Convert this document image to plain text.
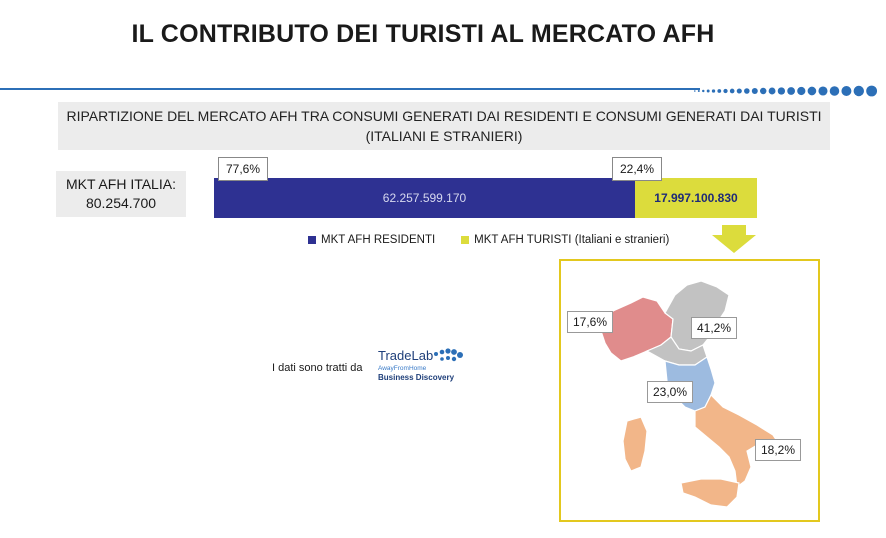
IL CONTRIBUTO DEI TURISTI AL MERCATO AFH
RIPARTIZIONE DEL MERCATO AFH TRA CONSUMI GENERATI DAI RESIDENTI E CONSUMI GENERATI DAI TURISTI
(ITALIANI E STRANIERI)
MKT AFH ITALIA:
80.254.700	62.257.599.170	17.997.100.830
77,6%	22,4%
MKT AFH RESIDENTI	MKT AFH TURISTI (Italiani e stranieri)
I dati sono tratti da
TradeLab
AwayFromHome
Business Discovery
17,6%	41,2%
23,0%
18,2%
